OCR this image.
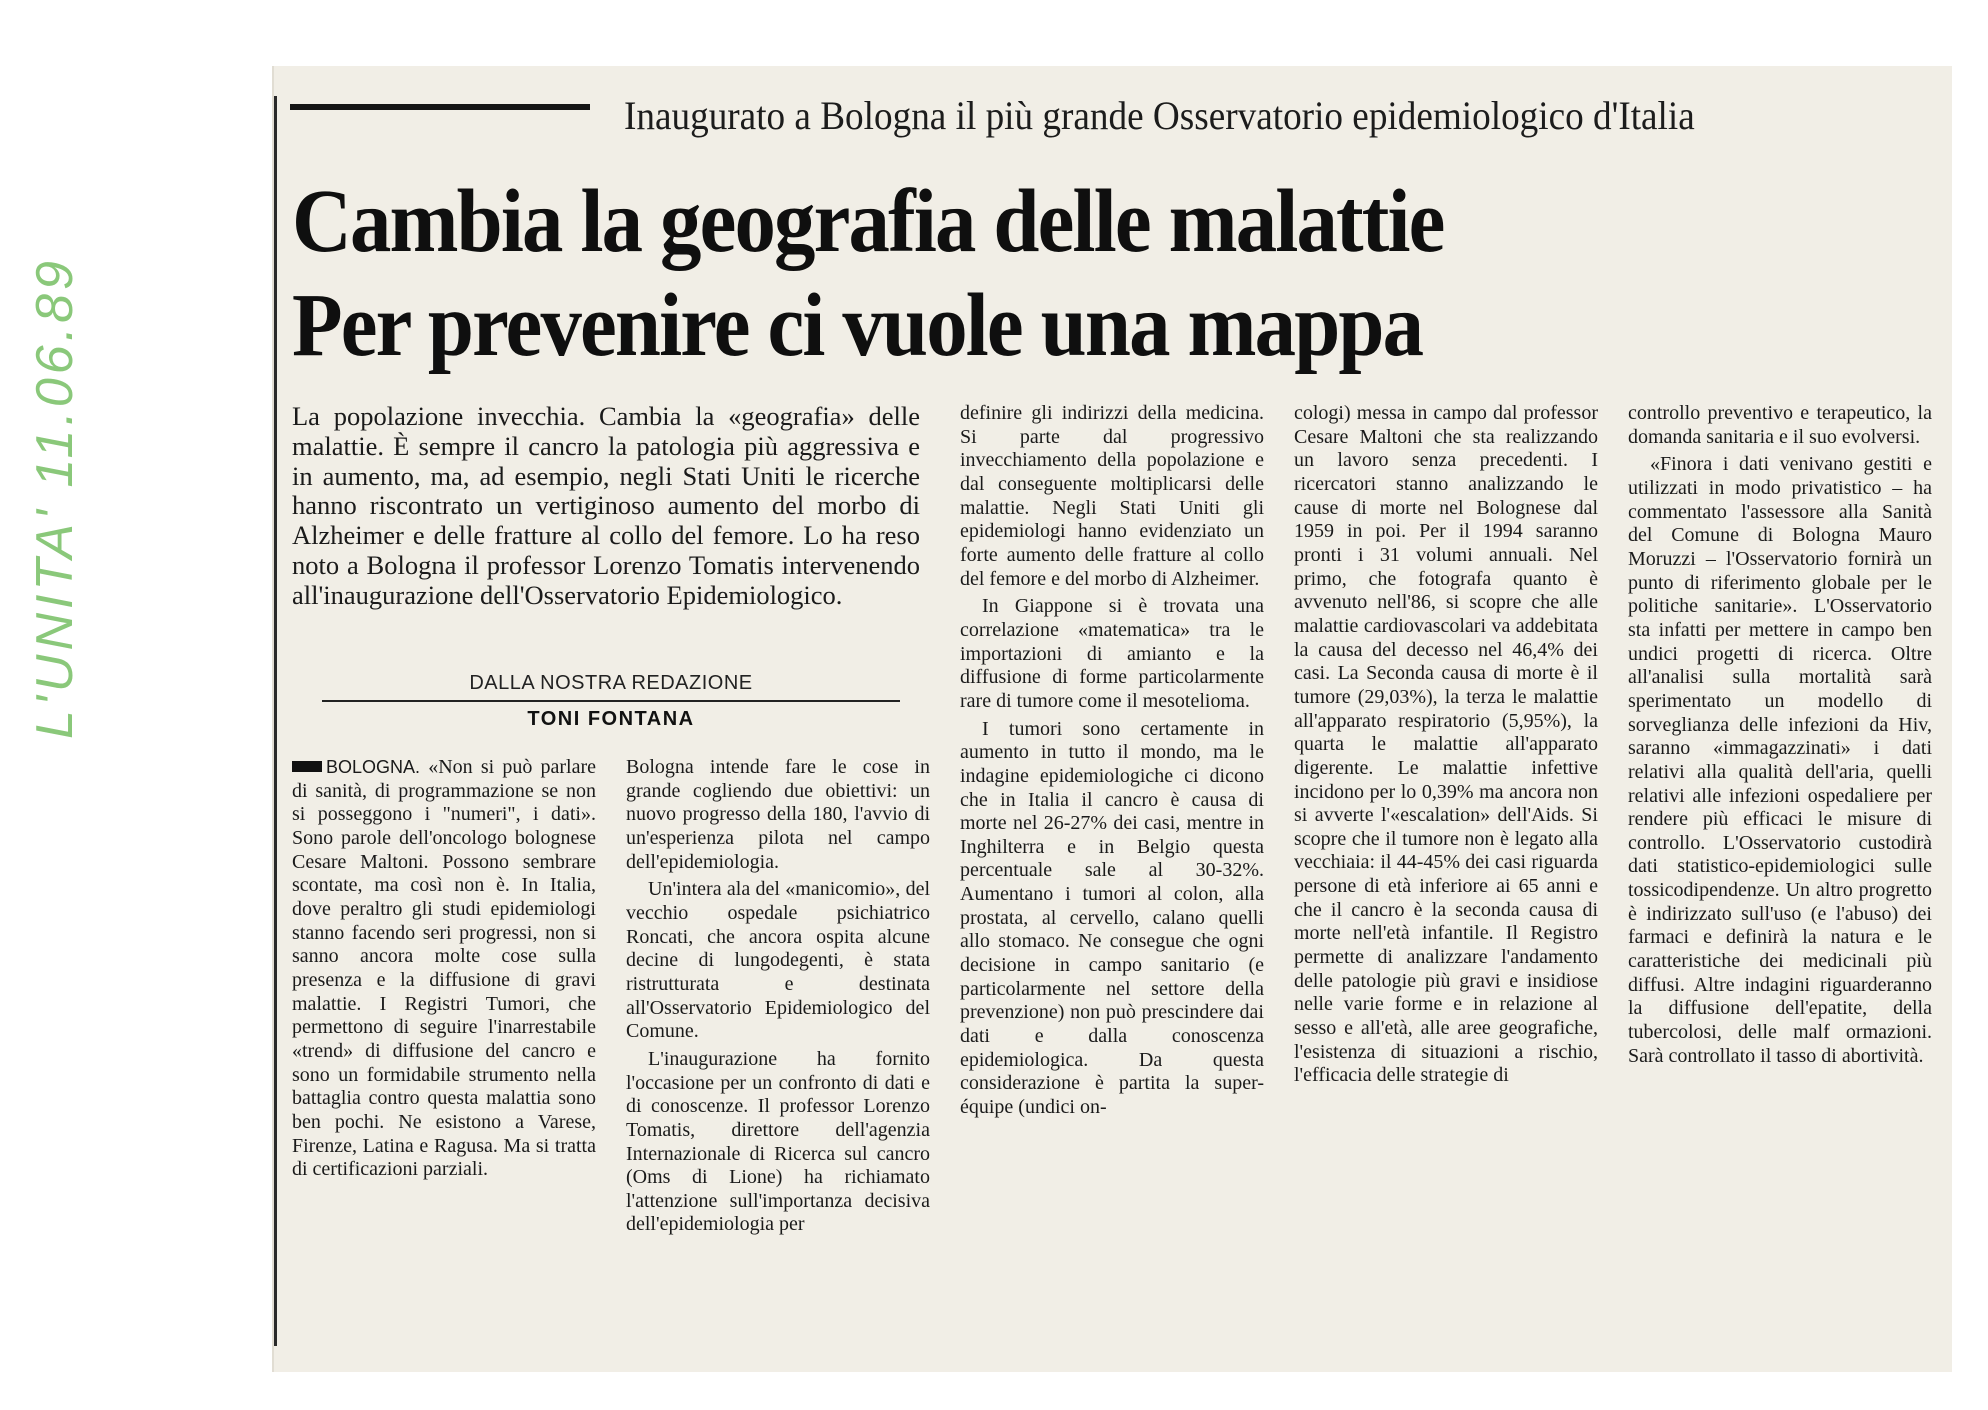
L'UNITA' 11.06.89
Inaugurato a Bologna il più grande Osservatorio epidemiologico d'Italia
Cambia la geografia delle malattie
Per prevenire ci vuole una mappa
La popolazione invecchia. Cambia la «geografia» delle malattie. È sempre il cancro la patologia più aggressiva e in aumento, ma, ad esempio, negli Stati Uniti le ricerche hanno riscontrato un vertiginoso aumento del morbo di Alzheimer e delle fratture al collo del femore. Lo ha reso noto a Bologna il professor Lorenzo Tomatis intervenendo all'inaugurazione dell'Osservatorio Epidemiologico.
DALLA NOSTRA REDAZIONE
TONI FONTANA

BOLOGNA. «Non si può parlare di sanità, di programmazione se non si posseggono i "numeri", i dati». Sono parole dell'oncologo bolognese Cesare Maltoni. Possono sembrare scontate, ma così non è. In Italia, dove peraltro gli studi epidemiologi stanno facendo seri progressi, non si sanno ancora molte cose sulla presenza e la diffusione di gravi malattie. I Registri Tumori, che permettono di seguire l'inarrestabile «trend» di diffusione del cancro e sono un formidabile strumento nella battaglia contro questa malattia sono ben pochi. Ne esistono a Varese, Firenze, Latina e Ragusa. Ma si tratta di certificazioni parziali.

Bologna intende fare le cose in grande cogliendo due obiettivi: un nuovo progresso della 180, l'avvio di un'esperienza pilota nel campo dell'epidemiologia.

Un'intera ala del «manicomio», del vecchio ospedale psichiatrico Roncati, che ancora ospita alcune decine di lungodegenti, è stata ristrutturata e destinata all'Osservatorio Epidemiologico del Comune.

L'inaugurazione ha fornito l'occasione per un confronto di dati e di conoscenze. Il professor Lorenzo Tomatis, direttore dell'agenzia Internazionale di Ricerca sul cancro (Oms di Lione) ha richiamato l'attenzione sull'importanza decisiva dell'epidemiologia per

definire gli indirizzi della medicina. Si parte dal progressivo invecchiamento della popolazione e dal conseguente moltiplicarsi delle malattie. Negli Stati Uniti gli epidemiologi hanno evidenziato un forte aumento delle fratture al collo del femore e del morbo di Alzheimer.

In Giappone si è trovata una correlazione «matematica» tra le importazioni di amianto e la diffusione di forme particolarmente rare di tumore come il mesotelioma.

I tumori sono certamente in aumento in tutto il mondo, ma le indagine epidemiologiche ci dicono che in Italia il cancro è causa di morte nel 26-27% dei casi, mentre in Inghilterra e in Belgio questa percentuale sale al 30-32%. Aumentano i tumori al colon, alla prostata, al cervello, calano quelli allo stomaco. Ne consegue che ogni decisione in campo sanitario (e particolarmente nel settore della prevenzione) non può prescindere dai dati e dalla conoscenza epidemiologica. Da questa considerazione è partita la super-équipe (undici on-

cologi) messa in campo dal professor Cesare Maltoni che sta realizzando un lavoro senza precedenti. I ricercatori stanno analizzando le cause di morte nel Bolognese dal 1959 in poi. Per il 1994 saranno pronti i 31 volumi annuali. Nel primo, che fotografa quanto è avvenuto nell'86, si scopre che alle malattie cardiovascolari va addebitata la causa del decesso nel 46,4% dei casi. La Seconda causa di morte è il tumore (29,03%), la terza le malattie all'apparato respiratorio (5,95%), la quarta le malattie all'apparato digerente. Le malattie infettive incidono per lo 0,39% ma ancora non si avverte l'«escalation» dell'Aids. Si scopre che il tumore non è legato alla vecchiaia: il 44-45% dei casi riguarda persone di età inferiore ai 65 anni e che il cancro è la seconda causa di morte nell'età infantile. Il Registro permette di analizzare l'andamento delle patologie più gravi e insidiose nelle varie forme e in relazione al sesso e all'età, alle aree geografiche, l'esistenza di situazioni a rischio, l'efficacia delle strategie di

controllo preventivo e terapeutico, la domanda sanitaria e il suo evolversi.

«Finora i dati venivano gestiti e utilizzati in modo privatistico – ha commentato l'assessore alla Sanità del Comune di Bologna Mauro Moruzzi – l'Osservatorio fornirà un punto di riferimento globale per le politiche sanitarie». L'Osservatorio sta infatti per mettere in campo ben undici progetti di ricerca. Oltre all'analisi sulla mortalità sarà sperimentato un modello di sorveglianza delle infezioni da Hiv, saranno «immagazzinati» i dati relativi alla qualità dell'aria, quelli relativi alle infezioni ospedaliere per rendere più efficaci le misure di controllo. L'Osservatorio custodirà dati statistico-epidemiologici sulle tossicodipendenze. Un altro progretto è indirizzato sull'uso (e l'abuso) dei farmaci e definirà la natura e le caratteristiche dei medicinali più diffusi. Altre indagini riguarderanno la diffusione dell'epatite, della tubercolosi, delle malf ormazioni. Sarà controllato il tasso di abortività.
